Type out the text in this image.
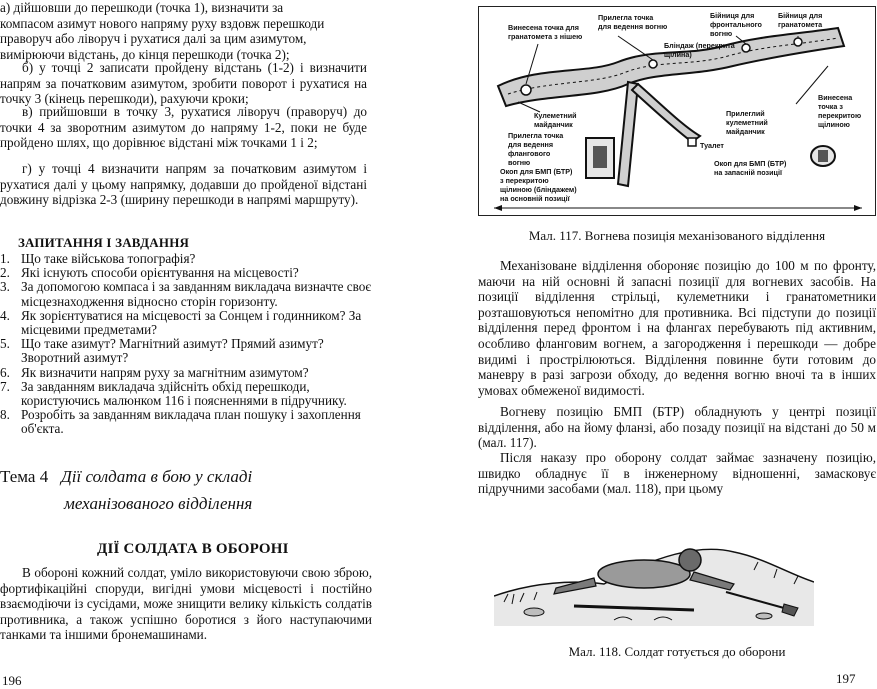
а) дійшовши до перешкоди (точка 1), визначити за
компасом азимут нового напряму руху вздовж перешкоди
праворуч або ліворуч і рухатися далі за цим азимутом,
вимірюючи відстань, до кінця перешкоди (точка 2);

б) у точці 2 записати пройдену відстань (1-2) і визначити напрям за початковим азимутом, зробити поворот і рухатися на точку 3 (кінець перешкоди), рахуючи кроки;

в) прийшовши в точку 3, рухатися ліворуч (праворуч) до точки 4 за зворотним азимутом до напряму 1-2, поки не буде пройдено шлях, що дорівнює відстані між точками 1 і 2;

г) у точці 4 визначити напрям за початковим азимутом і рухатися далі у цьому напрямку, додавши до пройденої відстані довжину відрізка 2-3 (ширину перешкоди в напрямі маршруту).

ЗАПИТАННЯ І ЗАВДАННЯ
1. Що таке військова топографія?
2. Які існують способи орієнтування на місцевості?
3. За допомогою компаса і за завданням викладача визначте своє місцезнаходження відносно сторін горизонту.
4. Як зорієнтуватися на місцевості за Сонцем і годинником? За місцевими предметами?
5. Що таке азимут? Магнітний азимут? Прямий азимут? Зворотний азимут?
6. Як визначити напрям руху за магнітним азимутом?
7. За завданням викладача здійсніть обхід перешкоди, користуючись малюнком 116 і поясненнями в підручнику.
8. Розробіть за завданням викладача план пошуку і захоплення об'єкта.
Тема 4 Дії солдата в бою у складі
механізованого відділення
ДІЇ СОЛДАТА В ОБОРОНІ

В обороні кожний солдат, уміло використовуючи свою зброю, фортифікаційні споруди, вигідні умови місцевості і постійно взаємодіючи із сусідами, може знищити велику кількість солдатів противника, а також успішно боротися з його наступаючими танками та іншими бронемашинами.

196
Винесена точка для гранатомета з нішею
Прилегла точка для ведення вогню
Бійниця для фронтального вогню
Бійниця для гранатомета
Бліндаж (перекрита щілина)
Кулеметний майданчик
Прилегла точка для ведення флангового вогню
Туалет
Прилеглий кулеметний майданчик
Винесена точка з перекритою щілиною
Окоп для БМП (БТР) з перекритою щілиною (бліндажем) на основній позиції
Окоп для БМП (БТР) на запасній позиції

Мал. 117. Вогнева позиція механізованого відділення

Механізоване відділення обороняє позицію до 100 м по фронту, маючи на ній основні й запасні позиції для вогневих засобів. На позиції відділення стрільці, кулеметники і гранатометники розташовуються непомітно для противника. Всі підступи до позиції відділення перед фронтом і на флангах перебувають під активним, особливо фланговим вогнем, а загородження і перешкоди — добре видимі і прострілюються. Відділення повинне бути готовим до маневру в разі загрози обходу, до ведення вогню вночі та в інших умовах обмеженої видимості.

Вогневу позицію БМП (БТР) обладнують у центрі позиції відділення, або на йому фланзі, або позаду позиції на відстані до 50 м (мал. 117).

Після наказу про оборону солдат займає зазначену позицію, швидко обладнує її в інженерному відношенні, замасковує підручними засобами (мал. 118), при цьому

Мал. 118. Солдат готується до оборони

197
